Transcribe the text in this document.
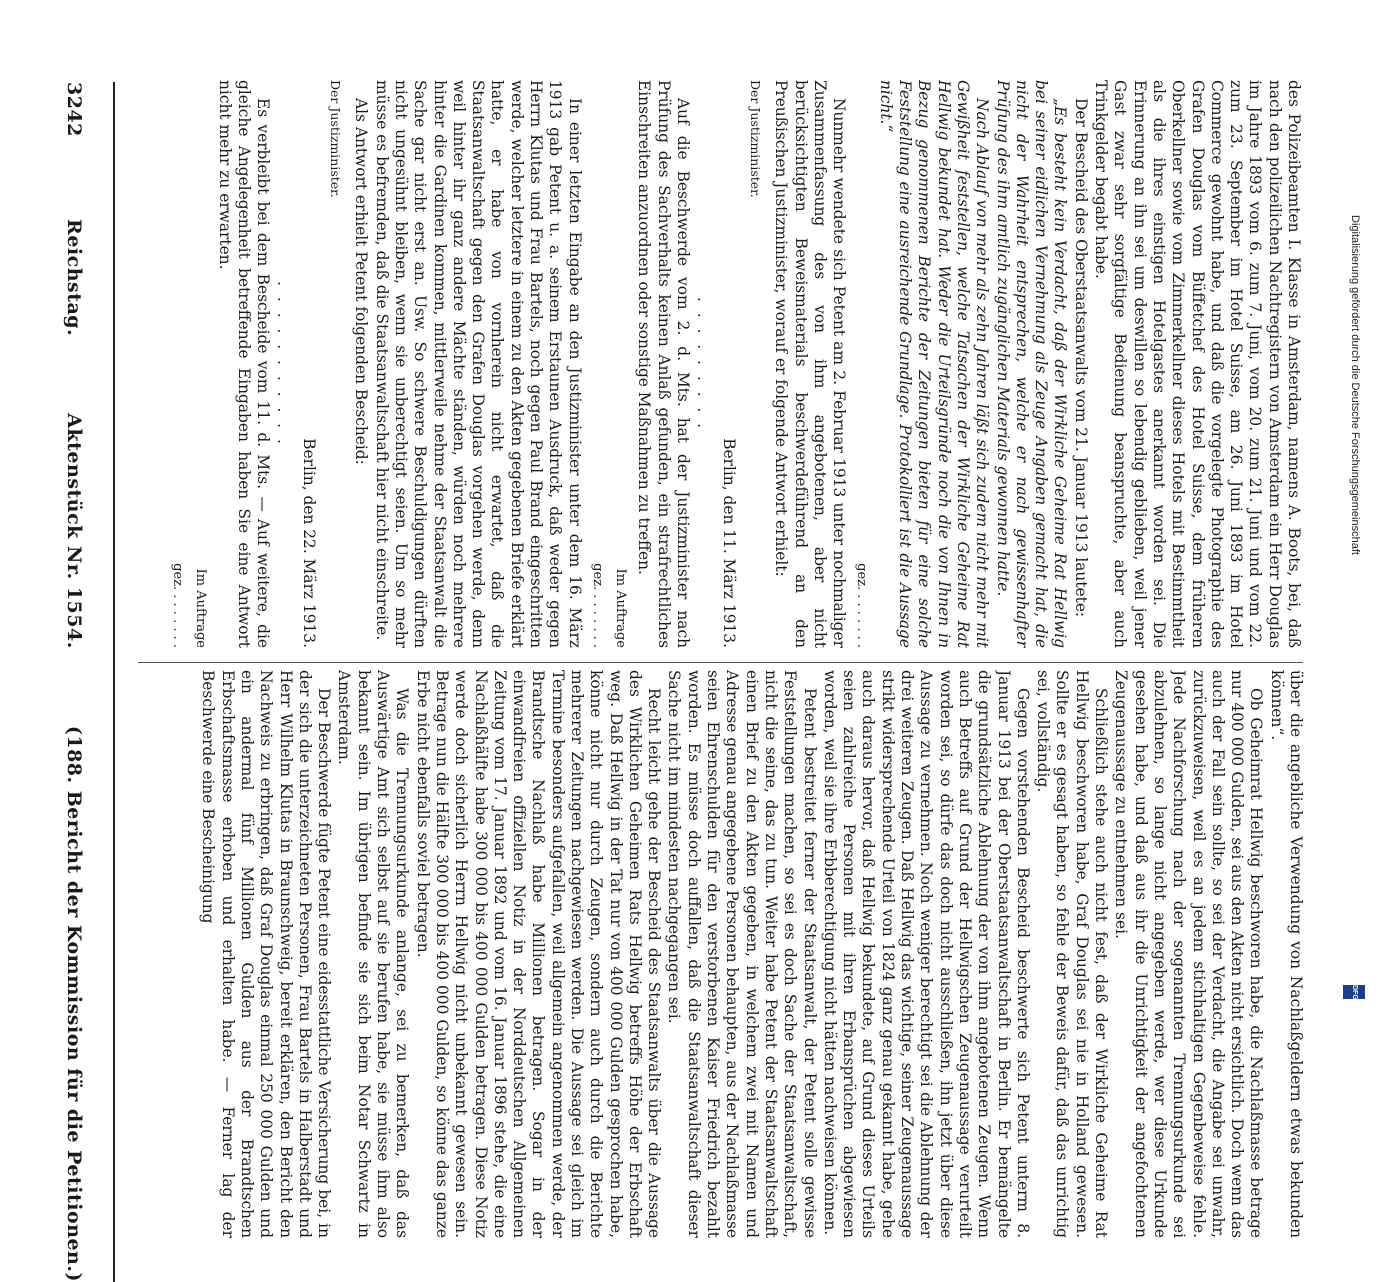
3242
Reichstag.
Aktenstück Nr. 1554.
(188. Bericht der Kommission für die Petitionen.)	über die angebliche Verwendung von Nachlaßgeldern etwas bekunden können“.

Ob Geheimrat Hellwig beschworen habe, die Nachlaßmasse betrage nur 400 000 Gulden, sei aus den Akten nicht ersichtlich. Doch wenn das auch der Fall sein sollte, so sei der Verdacht, die Angabe sei unwahr, zurückzuweisen, weil es an jedem stichhaltigen Gegenbeweise fehle. Jede Nachforschung nach der sogenannten Trennungsurkunde sei abzulehnen, so lange nicht angegeben werde, wer diese Urkunde gesehen habe, und daß aus ihr die Unrichtigkeit der angefochtenen Zeugenaussage zu entnehmen sei.

Schließlich stehe auch nicht fest, daß der Wirkliche Geheime Rat Hellwig beschworen habe, Graf Douglas sei nie in Holland gewesen. Sollte er es gesagt haben, so fehle der Beweis dafür, daß das unrichtig sei, vollständig.

Gegen vorstehenden Bescheid beschwerte sich Petent unterm 8. Januar 1913 bei der Oberstaatsanwaltschaft in Berlin. Er bemängelte die grundsätzliche Ablehnung der von ihm angebotenen Zeugen. Wenn auch Betreffs auf Grund der Hellwigschen Zeugenaussage verurteilt worden sei, so dürfe das doch nicht ausschließen, ihn jetzt über diese Aussage zu vernehmen. Noch weniger berechtigt sei die Ablehnung der drei weiteren Zeugen. Daß Hellwig das wichtige, seiner Zeugenaussage strikt widersprechende Urteil von 1824 ganz genau gekannt habe, gehe auch daraus hervor, daß Hellwig bekundete, auf Grund dieses Urteils seien zahlreiche Personen mit ihren Erbansprüchen abgewiesen worden, weil sie ihre Erbberechtigung nicht hätten nachweisen können.

Petent bestreitet ferner der Staatsanwalt, der Petent solle gewisse Feststellungen machen, so sei es doch Sache der Staatsanwaltschaft, nicht die seine, das zu tun. Weiter habe Petent der Staatsanwaltschaft einen Brief zu den Akten gegeben, in welchem zwei mit Namen und Adresse genau angegebene Personen behaupten, aus der Nachlaßmasse seien Ehrenschulden für den verstorbenen Kaiser Friedrich bezahlt worden. Es müsse doch auffallen, daß die Staatsanwaltschaft dieser Sache nicht im mindesten nachgegangen sei.

Recht leicht gehe der Bescheid des Staatsanwalts über die Aussage des Wirklichen Geheimen Rats Hellwig betreffs Höhe der Erbschaft weg. Daß Hellwig in der Tat nur von 400 000 Gulden gesprochen habe, könne nicht nur durch Zeugen, sondern auch durch die Berichte mehrerer Zeitungen nachgewiesen werden. Die Aussage sei gleich im Termine besonders aufgefallen, weil allgemein angenommen werde, der Brandtsche Nachlaß habe Millionen betragen. Sogar in der einwandfreien offiziellen Notiz in der Norddeutschen Allgemeinen Zeitung vom 17. Januar 1892 und vom 16. Januar 1896 stehe, die eine Nachlaßhälfte habe 300 000 bis 400 000 Gulden betragen. Diese Notiz werde doch sicherlich Herrn Hellwig nicht unbekannt gewesen sein. Betrage nun die Hälfte 300 000 bis 400 000 Gulden, so könne das ganze Erbe nicht ebenfalls soviel betragen.

Was die Trennungsurkunde anlange, sei zu bemerken, daß das Auswärtige Amt sich selbst auf sie berufen habe, sie müsse ihm also bekannt sein. Im übrigen befinde sie sich beim Notar Schwartz in Amsterdam.

Der Beschwerde fügte Petent eine eidesstattliche Versicherung bei, in der sich die unterzeichneten Personen, Frau Bartels in Halberstadt und Herr Wilhelm Klutas in Braunschweig, bereit erklären, den Bericht den Nachweis zu erbringen, daß Graf Douglas einmal 250 000 Gulden und ein andermal fünf Millionen Gulden aus der Brandtschen Erbschaftsmasse erhoben und erhalten habe. — Ferner lag der Beschwerde eine Bescheinigung

des Polizeibeamten I. Klasse in Amsterdam, namens A. Boots, bei, daß nach den polizeilichen Nachtregistern von Amsterdam ein Herr Douglas im Jahre 1893 vom 6. zum 7. Juni, vom 20. zum 21. Juni und vom 22. zum 23. September im Hotel Suisse, am 26. Juni 1893 im Hotel Commerce gewohnt habe, und daß die vorgelegte Photographie des Grafen Douglas vom Büffetchef des Hotel Suisse, dem früheren Oberkellner sowie vom Zimmerkellner dieses Hotels mit Bestimmtheit als die ihres einstigen Hotelgastes anerkannt worden sei. Die Erinnerung an ihn sei um deswillen so lebendig geblieben, weil jener Gast zwar sehr sorgfältige Bedienung beanspruchte, aber auch Trinkgelder begabt habe.

Der Bescheid des Oberstaatsanwalts vom 21. Januar 1913 lautete:

„Es besteht kein Verdacht, daß der Wirkliche Geheime Rat Hellwig bei seiner eidlichen Vernehmung als Zeuge Angaben gemacht hat, die nicht der Wahrheit entsprechen, welche er nach gewissenhafter Prüfung des ihm amtlich zugänglichen Materials gewonnen hatte.

Nach Ablauf von mehr als zehn Jahren läßt sich zudem nicht mehr mit Gewißheit feststellen, welche Tatsachen der Wirkliche Geheime Rat Hellwig bekundet hat. Weder die Urteilsgründe noch die von Ihnen in Bezug genommenen Berichte der Zeitungen bieten für eine solche Feststellung eine ausreichende Grundlage. Protokolliert ist die Aussage nicht.“

gez. . . . . . . .

Nunmehr wendete sich Petent am 2. Februar 1913 unter nochmaliger Zusammenfassung des von ihm angebotenen, aber nicht berücksichtigten Beweismaterials beschwerdeführend an den Preußischen Justizminister, worauf er folgende Antwort erhielt:

Der Justizminister.

Berlin, den 11. März 1913.

. . . . . . . . .

Auf die Beschwerde vom 2. d. Mts. hat der Justizminister nach Prüfung des Sachverhalts keinen Anlaß gefunden, ein strafrechtliches Einschreiten anzuordnen oder sonstige Maßnahmen zu treffen.

Im Auftrage

gez. . . . . . . .

In einer letzten Eingabe an den Justizminister unter dem 16. März 1913 gab Petent u. a. seinem Erstaunen Ausdruck, daß weder gegen Herrn Klutas und Frau Bartels, noch gegen Paul Brand eingeschritten werde, welcher letztere in einem zu den Akten gegebenen Briefe erklärt hatte, er habe von vornherein nicht erwartet, daß die Staatsanwaltschaft gegen den Grafen Douglas vorgehen werde, denn weil hinter ihr ganz andere Mächte ständen, würden noch mehrere hinter die Gardinen kommen, mittlerweile nehme der Staatsanwalt die Sache gar nicht erst an. Usw. So schwere Beschuldigungen dürften nicht ungesühnt bleiben, wenn sie unberechtigt seien. Um so mehr müsse es befremden, daß die Staatsanwaltschaft hier nicht einschreite.

Als Antwort erhielt Petent folgenden Bescheid:

Der Justizminister.

Berlin, den 22. März 1913.

. . . . . . . . . . .

Es verbleibt bei dem Bescheide vom 11. d. Mts. — Auf weitere, die gleiche Angelegenheit betreffende Eingaben haben Sie eine Antwort nicht mehr zu erwarten.

Im Auftrage

gez. . . . . . . .

Digitalisierung gefördert durch die Deutsche Forschungsgemeinschaft
DFG
